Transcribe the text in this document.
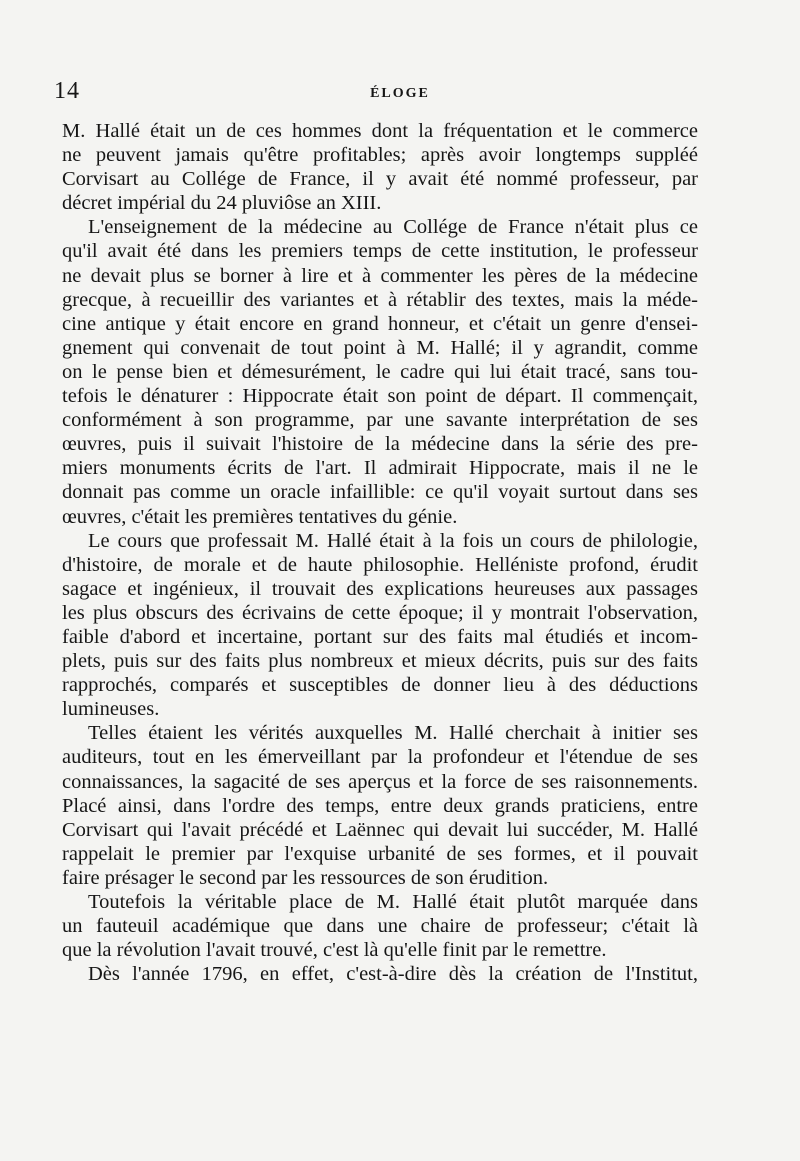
14	ÉLOGE
M. Hallé était un de ces hommes dont la fréquentation et le commerce
ne peuvent jamais qu'être profitables; après avoir longtemps suppléé
Corvisart au Collége de France, il y avait été nommé professeur, par
décret impérial du 24 pluviôse an XIII.
L'enseignement de la médecine au Collége de France n'était plus ce
qu'il avait été dans les premiers temps de cette institution, le professeur
ne devait plus se borner à lire et à commenter les pères de la médecine
grecque, à recueillir des variantes et à rétablir des textes, mais la méde-
cine antique y était encore en grand honneur, et c'était un genre d'ensei-
gnement qui convenait de tout point à M. Hallé; il y agrandit, comme
on le pense bien et démesurément, le cadre qui lui était tracé, sans tou-
tefois le dénaturer : Hippocrate était son point de départ. Il commençait,
conformément à son programme, par une savante interprétation de ses
œuvres, puis il suivait l'histoire de la médecine dans la série des pre-
miers monuments écrits de l'art. Il admirait Hippocrate, mais il ne le
donnait pas comme un oracle infaillible: ce qu'il voyait surtout dans ses
œuvres, c'était les premières tentatives du génie.
Le cours que professait M. Hallé était à la fois un cours de philologie,
d'histoire, de morale et de haute philosophie. Helléniste profond, érudit
sagace et ingénieux, il trouvait des explications heureuses aux passages
les plus obscurs des écrivains de cette époque; il y montrait l'observation,
faible d'abord et incertaine, portant sur des faits mal étudiés et incom-
plets, puis sur des faits plus nombreux et mieux décrits, puis sur des faits
rapprochés, comparés et susceptibles de donner lieu à des déductions
lumineuses.
Telles étaient les vérités auxquelles M. Hallé cherchait à initier ses
auditeurs, tout en les émerveillant par la profondeur et l'étendue de ses
connaissances, la sagacité de ses aperçus et la force de ses raisonnements.
Placé ainsi, dans l'ordre des temps, entre deux grands praticiens, entre
Corvisart qui l'avait précédé et Laënnec qui devait lui succéder, M. Hallé
rappelait le premier par l'exquise urbanité de ses formes, et il pouvait
faire présager le second par les ressources de son érudition.
Toutefois la véritable place de M. Hallé était plutôt marquée dans
un fauteuil académique que dans une chaire de professeur; c'était là
que la révolution l'avait trouvé, c'est là qu'elle finit par le remettre.
Dès l'année 1796, en effet, c'est-à-dire dès la création de l'Institut,
